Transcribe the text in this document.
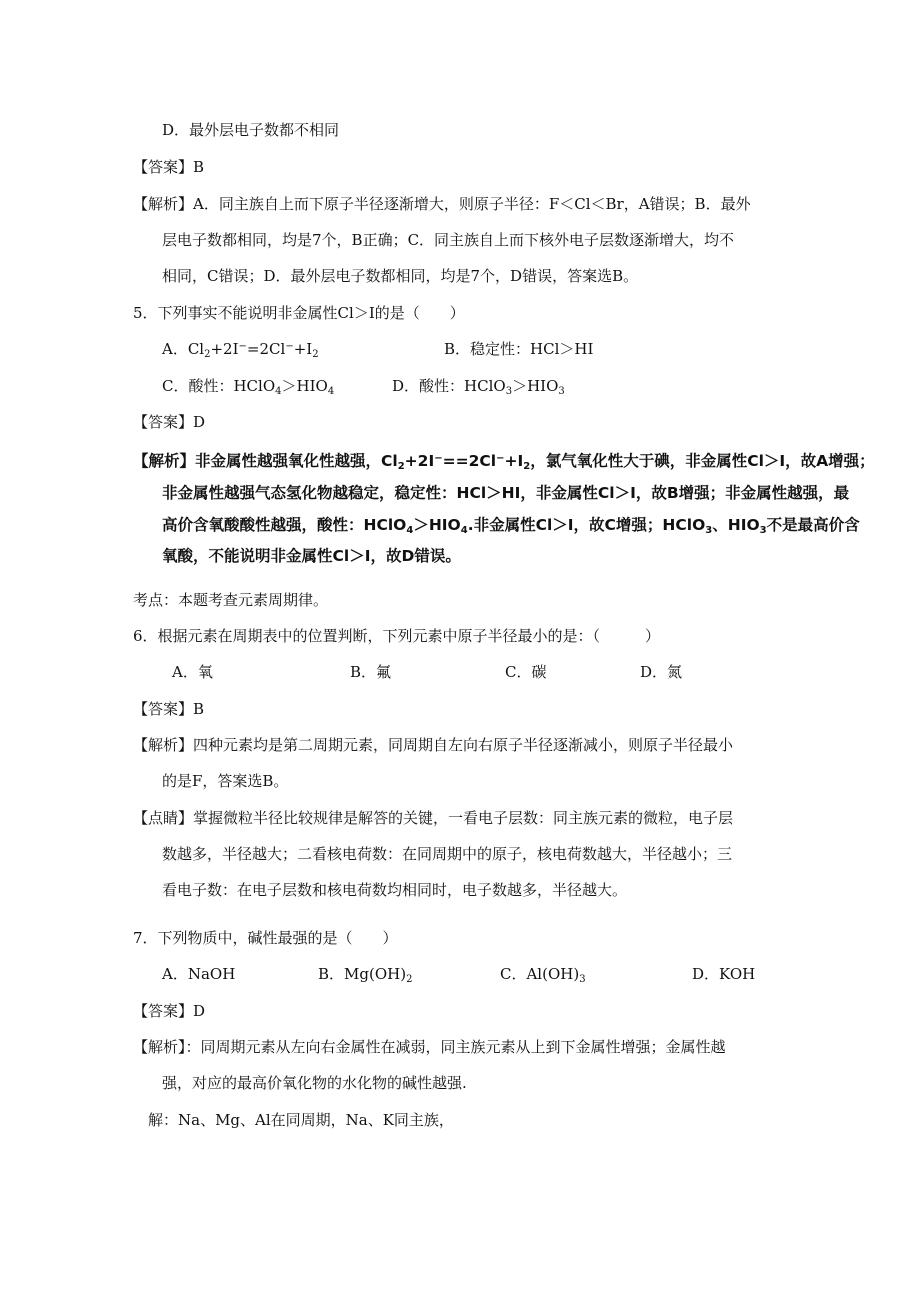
D．最外层电子数都不相同
【答案】B
【解析】A．同主族自上而下原子半径逐渐增大，则原子半径：F＜Cl＜Br，A错误；B．最外
层电子数都相同，均是7个，B正确；C．同主族自上而下核外电子层数逐渐增大，均不
相同，C错误；D．最外层电子数都相同，均是7个，D错误，答案选B。
5．下列事实不能说明非金属性Cl＞I的是（　　）
A．$Cl_2+2I^-=2Cl^-+I_2$	B．稳定性：HCl＞HI
C．酸性：$HClO_4>HIO_4$	D．酸性：$HClO_3>HIO_3$
【答案】D
【解析】非金属性越强氧化性越强，$Cl_2+2I^-==2Cl^-+I_2$，氯气氧化性大于碘，非金属性Cl＞I，故A增强；
非金属性越强气态氢化物越稳定，稳定性：HCl＞HI，非金属性Cl＞I，故B增强；非金属性越强，最
高价含氧酸酸性越强，酸性：$HClO_4>HIO_4$.非金属性Cl＞I，故C增强；HClO$_3$、$HIO_3$不是最高价含
氧酸，不能说明非金属性Cl＞I，故D错误。
考点：本题考查元素周期律。
6．根据元素在周期表中的位置判断，下列元素中原子半径最小的是：（　　　）
A．氧	B．氟	C．碳	D．氮
【答案】B
【解析】四种元素均是第二周期元素，同周期自左向右原子半径逐渐减小，则原子半径最小
的是F，答案选B。
【点睛】掌握微粒半径比较规律是解答的关键，一看电子层数：同主族元素的微粒，电子层
数越多，半径越大；二看核电荷数：在同周期中的原子，核电荷数越大，半径越小；三
看电子数：在电子层数和核电荷数均相同时，电子数越多，半径越大。
7．下列物质中，碱性最强的是（　　）
A．NaOH	B．$Mg(OH)_2$	C．$Al(OH)_3$	D．KOH
【答案】D
【解析】：同周期元素从左向右金属性在减弱，同主族元素从上到下金属性增强；金属性越
强，对应的最高价氧化物的水化物的碱性越强.
解：Na、Mg、Al在同周期，Na、K同主族，
